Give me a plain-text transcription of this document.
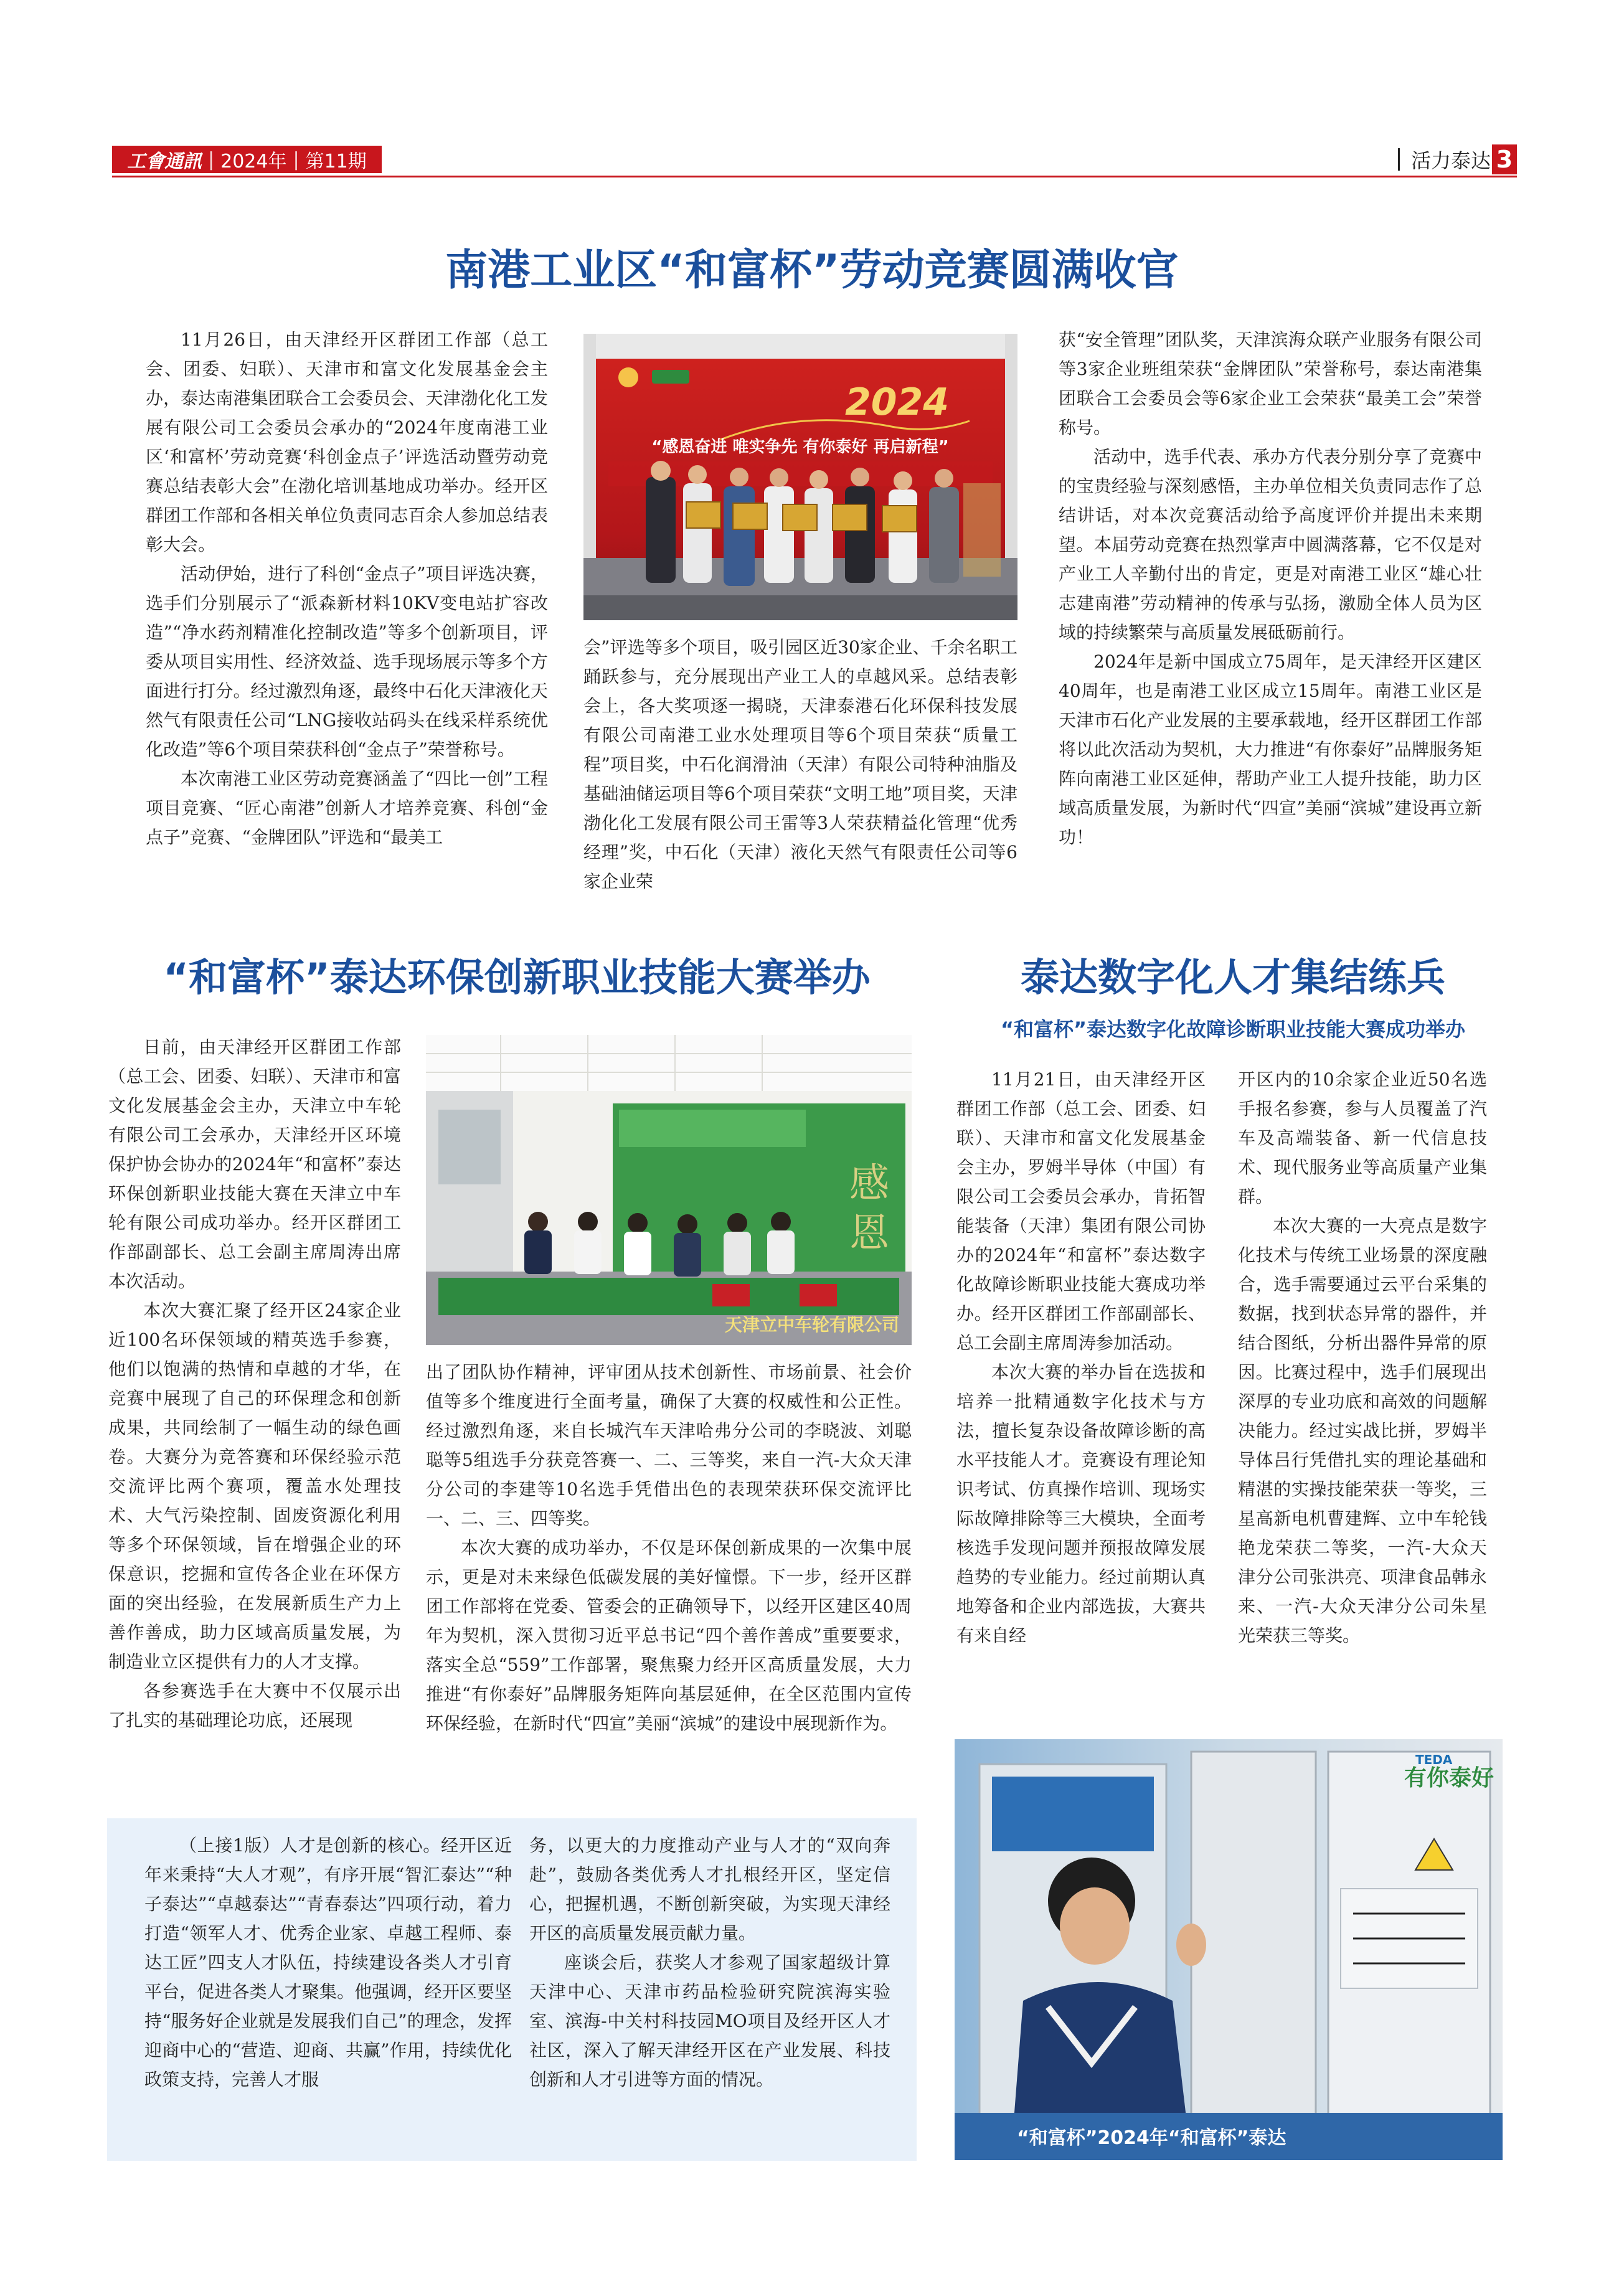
工會通訊 | 2024年 | 第11期	活力泰达 3
南港工业区“和富杯”劳动竞赛圆满收官

11月26日，由天津经开区群团工作部（总工会、团委、妇联）、天津市和富文化发展基金会主办，泰达南港集团联合工会委员会、天津渤化化工发展有限公司工会委员会承办的“2024年度南港工业区‘和富杯’劳动竞赛‘科创金点子’评选活动暨劳动竞赛总结表彰大会”在渤化培训基地成功举办。经开区群团工作部和各相关单位负责同志百余人参加总结表彰大会。

活动伊始，进行了科创“金点子”项目评选决赛，选手们分别展示了“派森新材料10KV变电站扩容改造”“净水药剂精准化控制改造”等多个创新项目，评委从项目实用性、经济效益、选手现场展示等多个方面进行打分。经过激烈角逐，最终中石化天津液化天然气有限责任公司“LNG接收站码头在线采样系统优化改造”等6个项目荣获科创“金点子”荣誉称号。

本次南港工业区劳动竞赛涵盖了“四比一创”工程项目竞赛、“匠心南港”创新人才培养竞赛、科创“金点子”竞赛、“金牌团队”评选和“最美工

2024
“感恩奋进 唯实争先 有你泰好 再启新程”

会”评选等多个项目，吸引园区近30家企业、千余名职工踊跃参与，充分展现出产业工人的卓越风采。总结表彰会上，各大奖项逐一揭晓，天津泰港石化环保科技发展有限公司南港工业水处理项目等6个项目荣获“质量工程”项目奖，中石化润滑油（天津）有限公司特种油脂及基础油储运项目等6个项目荣获“文明工地”项目奖，天津渤化化工发展有限公司王雷等3人荣获精益化管理“优秀经理”奖，中石化（天津）液化天然气有限责任公司等6家企业荣

获“安全管理”团队奖，天津滨海众联产业服务有限公司等3家企业班组荣获“金牌团队”荣誉称号，泰达南港集团联合工会委员会等6家企业工会荣获“最美工会”荣誉称号。

活动中，选手代表、承办方代表分别分享了竞赛中的宝贵经验与深刻感悟，主办单位相关负责同志作了总结讲话，对本次竞赛活动给予高度评价并提出未来期望。本届劳动竞赛在热烈掌声中圆满落幕，它不仅是对产业工人辛勤付出的肯定，更是对南港工业区“雄心壮志建南港”劳动精神的传承与弘扬，激励全体人员为区域的持续繁荣与高质量发展砥砺前行。

2024年是新中国成立75周年，是天津经开区建区40周年，也是南港工业区成立15周年。南港工业区是天津市石化产业发展的主要承载地，经开区群团工作部将以此次活动为契机，大力推进“有你泰好”品牌服务矩阵向南港工业区延伸，帮助产业工人提升技能，助力区域高质量发展，为新时代“四宣”美丽“滨城”建设再立新功！

“和富杯”泰达环保创新职业技能大赛举办

日前，由天津经开区群团工作部（总工会、团委、妇联）、天津市和富文化发展基金会主办，天津立中车轮有限公司工会承办，天津经开区环境保护协会协办的2024年“和富杯”泰达环保创新职业技能大赛在天津立中车轮有限公司成功举办。经开区群团工作部副部长、总工会副主席周涛出席本次活动。

本次大赛汇聚了经开区24家企业近100名环保领域的精英选手参赛，他们以饱满的热情和卓越的才华，在竞赛中展现了自己的环保理念和创新成果，共同绘制了一幅生动的绿色画卷。大赛分为竞答赛和环保经验示范交流评比两个赛项，覆盖水处理技术、大气污染控制、固废资源化利用等多个环保领域，旨在增强企业的环保意识，挖掘和宣传各企业在环保方面的突出经验，在发展新质生产力上善作善成，助力区域高质量发展，为制造业立区提供有力的人才支撑。

各参赛选手在大赛中不仅展示出了扎实的基础理论功底，还展现

感
恩
天津立中车轮有限公司

出了团队协作精神，评审团从技术创新性、市场前景、社会价值等多个维度进行全面考量，确保了大赛的权威性和公正性。经过激烈角逐，来自长城汽车天津哈弗分公司的李晓波、刘聪聪等5组选手分获竞答赛一、二、三等奖，来自一汽-大众天津分公司的李建等10名选手凭借出色的表现荣获环保交流评比一、二、三、四等奖。

本次大赛的成功举办，不仅是环保创新成果的一次集中展示，更是对未来绿色低碳发展的美好憧憬。下一步，经开区群团工作部将在党委、管委会的正确领导下，以经开区建区40周年为契机，深入贯彻习近平总书记“四个善作善成”重要要求，落实全总“559”工作部署，聚焦聚力经开区高质量发展，大力推进“有你泰好”品牌服务矩阵向基层延伸，在全区范围内宣传环保经验，在新时代“四宣”美丽“滨城”的建设中展现新作为。

（上接1版）人才是创新的核心。经开区近年来秉持“大人才观”，有序开展“智汇泰达”“种子泰达”“卓越泰达”“青春泰达”四项行动，着力打造“领军人才、优秀企业家、卓越工程师、泰达工匠”四支人才队伍，持续建设各类人才引育平台，促进各类人才聚集。他强调，经开区要坚持“服务好企业就是发展我们自己”的理念，发挥迎商中心的“营造、迎商、共赢”作用，持续优化政策支持，完善人才服

务，以更大的力度推动产业与人才的“双向奔赴”，鼓励各类优秀人才扎根经开区，坚定信心，把握机遇，不断创新突破，为实现天津经开区的高质量发展贡献力量。

座谈会后，获奖人才参观了国家超级计算天津中心、天津市药品检验研究院滨海实验室、滨海-中关村科技园MO项目及经开区人才社区，深入了解天津经开区在产业发展、科技创新和人才引进等方面的情况。

泰达数字化人才集结练兵
“和富杯”泰达数字化故障诊断职业技能大赛成功举办

11月21日，由天津经开区群团工作部（总工会、团委、妇联）、天津市和富文化发展基金会主办，罗姆半导体（中国）有限公司工会委员会承办，肯拓智能装备（天津）集团有限公司协办的2024年“和富杯”泰达数字化故障诊断职业技能大赛成功举办。经开区群团工作部副部长、总工会副主席周涛参加活动。

本次大赛的举办旨在选拔和培养一批精通数字化技术与方法，擅长复杂设备故障诊断的高水平技能人才。竞赛设有理论知识考试、仿真操作培训、现场实际故障排除等三大模块，全面考核选手发现问题并预报故障发展趋势的专业能力。经过前期认真地筹备和企业内部选拔，大赛共有来自经

开区内的10余家企业近50名选手报名参赛，参与人员覆盖了汽车及高端装备、新一代信息技术、现代服务业等高质量产业集群。

本次大赛的一大亮点是数字化技术与传统工业场景的深度融合，选手需要通过云平台采集的数据，找到状态异常的器件，并结合图纸，分析出器件异常的原因。比赛过程中，选手们展现出深厚的专业功底和高效的问题解决能力。经过实战比拼，罗姆半导体吕行凭借扎实的理论基础和精湛的实操技能荣获一等奖，三星高新电机曹建辉、立中车轮钱艳龙荣获二等奖，一汽-大众天津分公司张洪亮、项津食品韩永来、一汽-大众天津分公司朱星光荣获三等奖。

“和富杯”2024年“和富杯”泰达
TEDA
有你泰好
